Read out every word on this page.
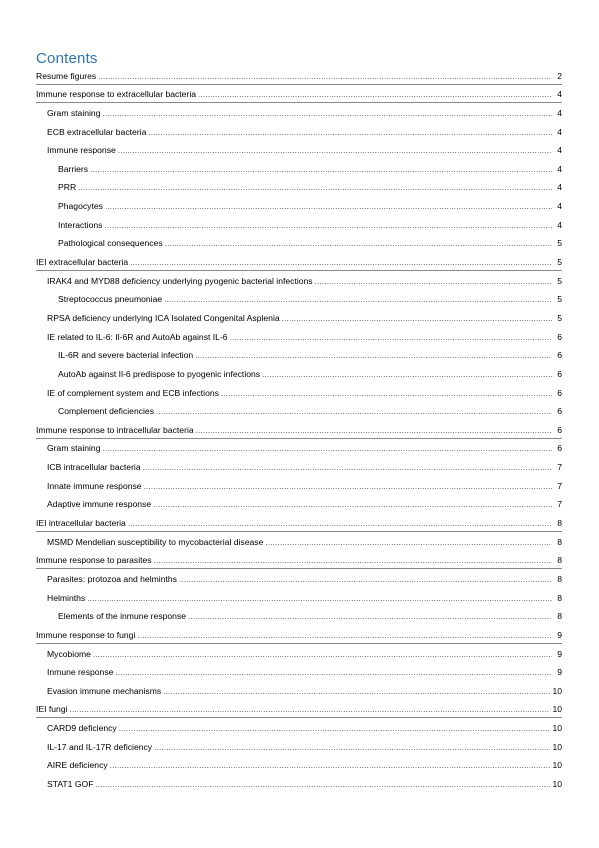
Contents
Resume figures .....	2
Immune response to extracellular bacteria .....	4
Gram staining .....	4
ECB extracellular bacteria .....	4
Immune response .....	4
Barriers .....	4
PRR .....	4
Phagocytes .....	4
Interactions .....	4
Pathological consequences .....	5
IEI extracellular bacteria .....	5
IRAK4 and MYD88 deficiency underlying pyogenic bacterial infections .....	5
Streptococcus pneumoniae .....	5
RPSA deficiency underlying ICA Isolated Congenital Asplenia .....	5
IE related to IL-6: Il-6R and AutoAb against IL-6 .....	6
IL-6R and severe bacterial infection .....	6
AutoAb against Il-6 predispose to pyogenic infections .....	6
IE of complement system and ECB infections .....	6
Complement deficiencies .....	6
Immune response to intracellular bacteria .....	6
Gram staining .....	6
ICB intracellular bacteria .....	7
Innate immune response .....	7
Adaptive immune response .....	7
IEI intracellular bacteria .....	8
MSMD Mendelian susceptibility to mycobacterial disease .....	8
Immune response to parasites .....	8
Parasites: protozoa and helminths .....	8
Helminths .....	8
Elements of the inmune response .....	8
Immune response to fungi .....	9
Mycobiome .....	9
Inmune response .....	9
Evasion immune mechanisms .....	10
IEI fungi .....	10
CARD9 deficiency .....	10
IL-17 and IL-17R deficiency .....	10
AIRE deficiency .....	10
STAT1 GOF .....	10
